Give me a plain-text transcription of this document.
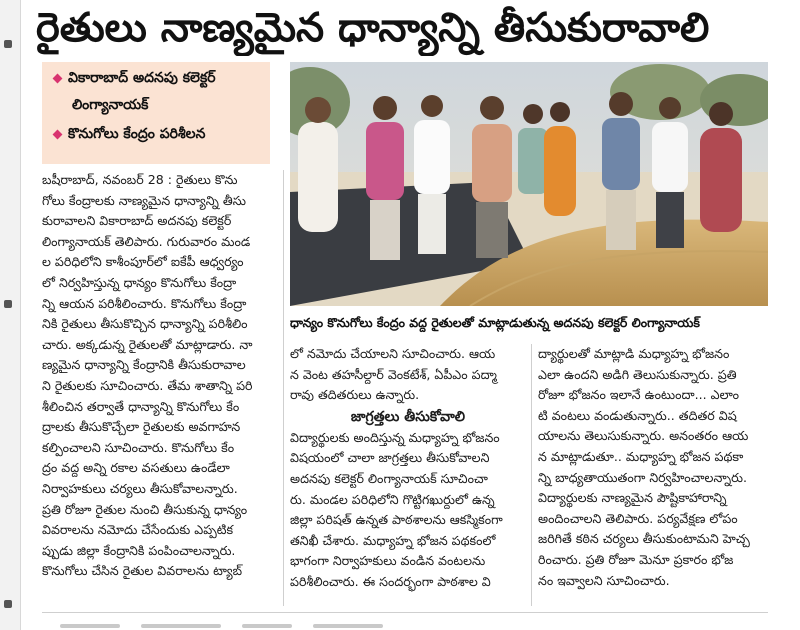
రైతులు నాణ్యమైన ధాన్యాన్ని తీసుకురావాలి
వికారాబాద్ అదనపు కలెక్టర్
లింగ్యానాయక్
కొనుగోలు కేంద్రం పరిశీలన
ధాన్యం కొనుగోలు కేంద్రం వద్ద రైతులతో మాట్లాడుతున్న అదనపు కలెక్టర్ లింగ్యానాయక్
బషీరాబాద్, నవంబర్ 28 : రైతులు కొను
గోలు కేంద్రాలకు నాణ్యమైన ధాన్యాన్ని తీసు
కురావాలని వికారాబాద్ అదనపు కలెక్టర్
లింగ్యానాయక్ తెలిపారు. గురువారం మండ
ల పరిధిలోని కాశీంపూర్‌లో ఐకేపీ ఆధ్వర్యం
లో నిర్వహిస్తున్న ధాన్యం కొనుగోలు కేంద్రా
న్ని ఆయన పరిశీలించారు. కొనుగోలు కేంద్రా
నికి రైతులు తీసుకొచ్చిన ధాన్యాన్ని పరిశీలిం
చారు. అక్కడున్న రైతులతో మాట్లాడారు. నా
ణ్యమైన ధాన్యాన్ని కేంద్రానికి తీసుకురావాల
ని రైతులకు సూచించారు. తేమ శాతాన్ని పరి
శీలించిన తర్వాతే ధాన్యాన్ని కొనుగోలు కేం
ద్రాలకు తీసుకొచ్చేలా రైతులకు అవగాహన
కల్పించాలని సూచించారు. కొనుగోలు కేం
ద్రం వద్ద అన్ని రకాల వసతులు ఉండేలా
నిర్వాహకులు చర్యలు తీసుకోవాలన్నారు.
ప్రతి రోజూ రైతుల నుంచి తీసుకున్న ధాన్యం
వివరాలను నమోదు చేసేందుకు ఎప్పటిక
ప్పుడు జిల్లా కేంద్రానికి పంపించాలన్నారు.
కొనుగోలు చేసిన రైతుల వివరాలను ట్యాబ్
లో నమోదు చేయాలని సూచించారు. ఆయ
న వెంట తహసీల్దార్ వెంకటేశ్, ఏపీఎం పద్మా
రావు తదితరులు ఉన్నారు.
జాగ్రత్తలు తీసుకోవాలి
విద్యార్థులకు అందిస్తున్న మధ్యాహ్న భోజనం
విషయంలో చాలా జాగ్రత్తలు తీసుకోవాలని
అదనపు కలెక్టర్ లింగ్యానాయక్ సూచించా
రు. మండల పరిధిలోని గొట్టిగఖుర్దులో ఉన్న
జిల్లా పరిషత్ ఉన్నత పాఠశాలను ఆకస్మికంగా
తనిఖీ చేశారు. మధ్యాహ్న భోజన పథకంలో
భాగంగా నిర్వాహకులు వండిన వంటలను
పరిశీలించారు. ఈ సందర్భంగా పాఠశాల వి
ద్యార్థులతో మాట్లాడి మధ్యాహ్న భోజనం
ఎలా ఉందని అడిగి తెలుసుకున్నారు. ప్రతి
రోజూ భోజనం ఇలానే ఉంటుందా... ఎలాం
టి వంటలు వండుతున్నారు.. తదితర విష
యాలను తెలుసుకున్నారు. అనంతరం ఆయ
న మాట్లాడుతూ.. మధ్యాహ్న భోజన పథకా
న్ని బాధ్యతాయుతంగా నిర్వహించాలన్నారు.
విద్యార్థులకు నాణ్యమైన పౌష్టికాహారాన్ని
అందించాలని తెలిపారు. పర్యవేక్షణ లోపం
జరిగితే కఠిన చర్యలు తీసుకుంటామని హెచ్చ
రించారు. ప్రతి రోజూ మెనూ ప్రకారం భోజ
నం ఇవ్వాలని సూచించారు.
